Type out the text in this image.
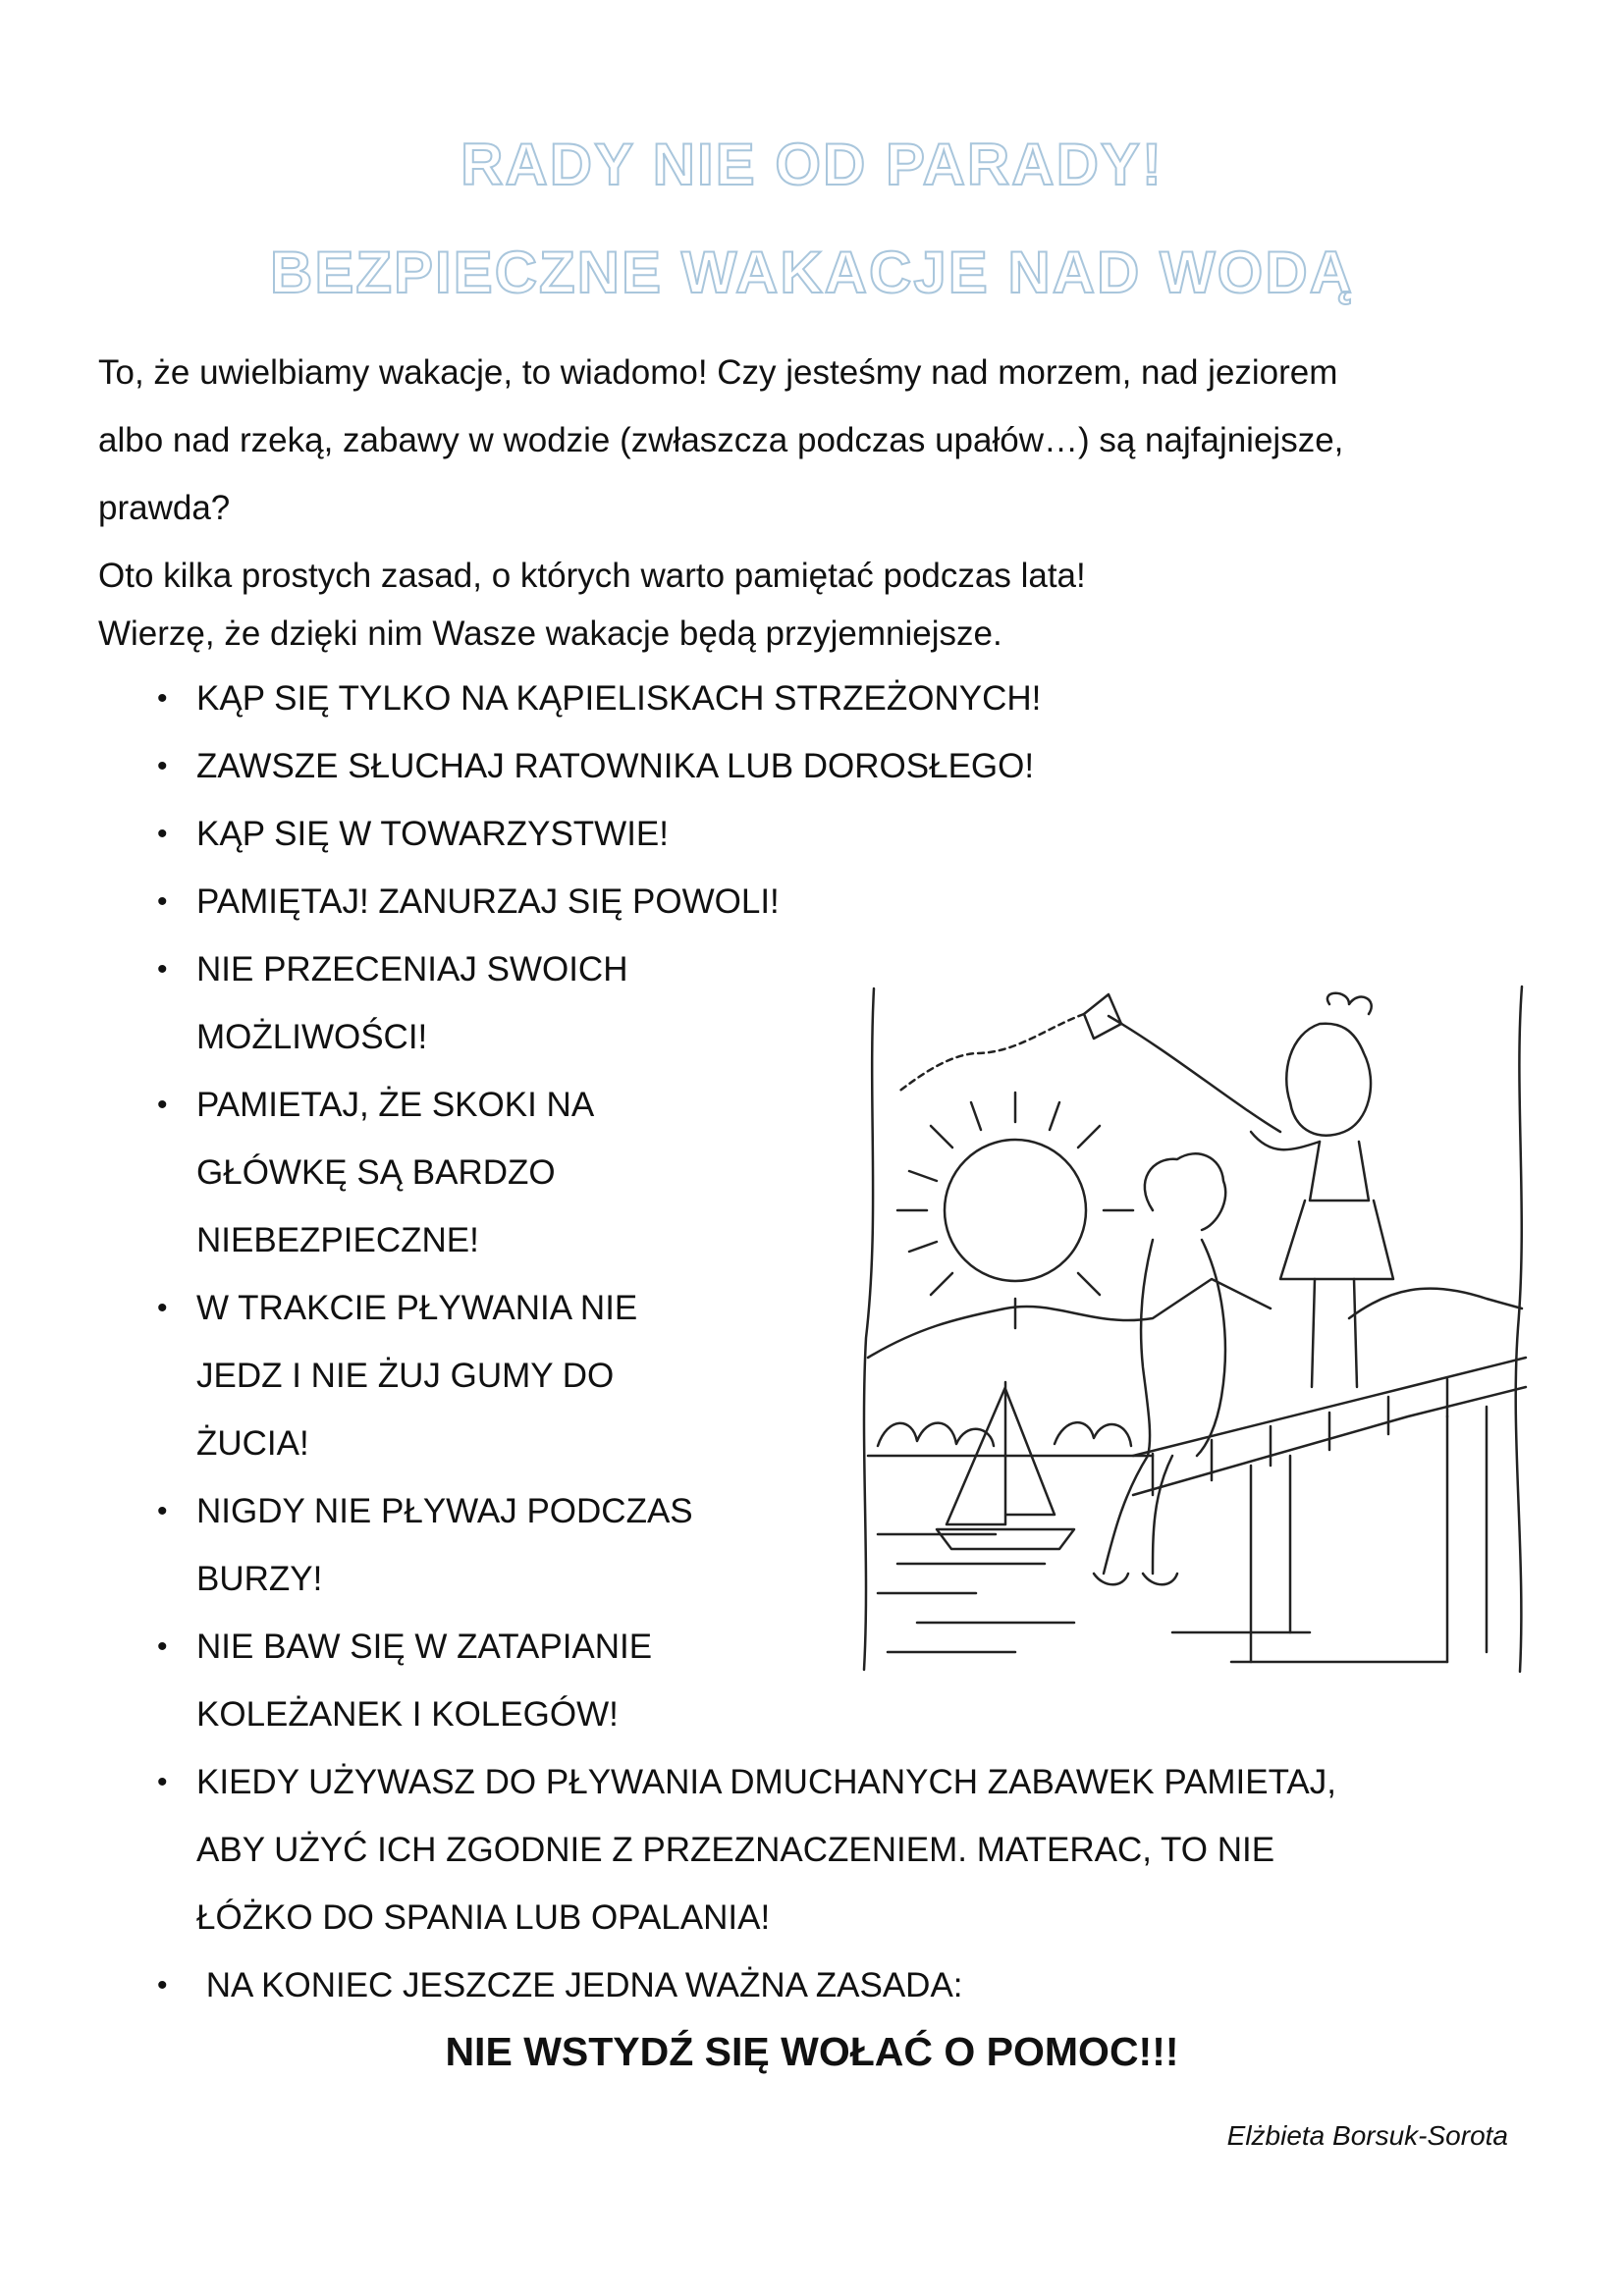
RADY NIE OD PARADY!
BEZPIECZNE WAKACJE NAD WODĄ

To, że uwielbiamy wakacje, to wiadomo! Czy jesteśmy nad morzem, nad jeziorem

albo nad rzeką, zabawy w wodzie (zwłaszcza podczas upałów…) są najfajniejsze,

prawda?

Oto kilka prostych zasad, o których warto pamiętać podczas lata!

Wierzę, że dzięki nim Wasze wakacje będą przyjemniejsze.

• KĄP SIĘ TYLKO NA KĄPIELISKACH STRZEŻONYCH!
• ZAWSZE SŁUCHAJ RATOWNIKA LUB DOROSŁEGO!
• KĄP SIĘ W TOWARZYSTWIE!
• PAMIĘTAJ! ZANURZAJ SIĘ POWOLI!
• NIE PRZECENIAJ SWOICH
MOŻLIWOŚCI!
• PAMIETAJ, ŻE SKOKI NA
GŁÓWKĘ SĄ BARDZO
NIEBEZPIECZNE!
• W TRAKCIE PŁYWANIA NIE
JEDZ I NIE ŻUJ GUMY DO
ŻUCIA!
• NIGDY NIE PŁYWAJ PODCZAS
BURZY!
• NIE BAW SIĘ W ZATAPIANIE
KOLEŻANEK I KOLEGÓW!
• KIEDY UŻYWASZ DO PŁYWANIA DMUCHANYCH ZABAWEK PAMIETAJ,
ABY UŻYĆ ICH ZGODNIE Z PRZEZNACZENIEM. MATERAC, TO NIE
ŁÓŻKO DO SPANIA LUB OPALANIA!
• NA KONIEC JESZCZE JEDNA WAŻNA ZASADA:

NIE WSTYDŹ SIĘ WOŁAĆ O POMOC!!!

Elżbieta Borsuk-Sorota
